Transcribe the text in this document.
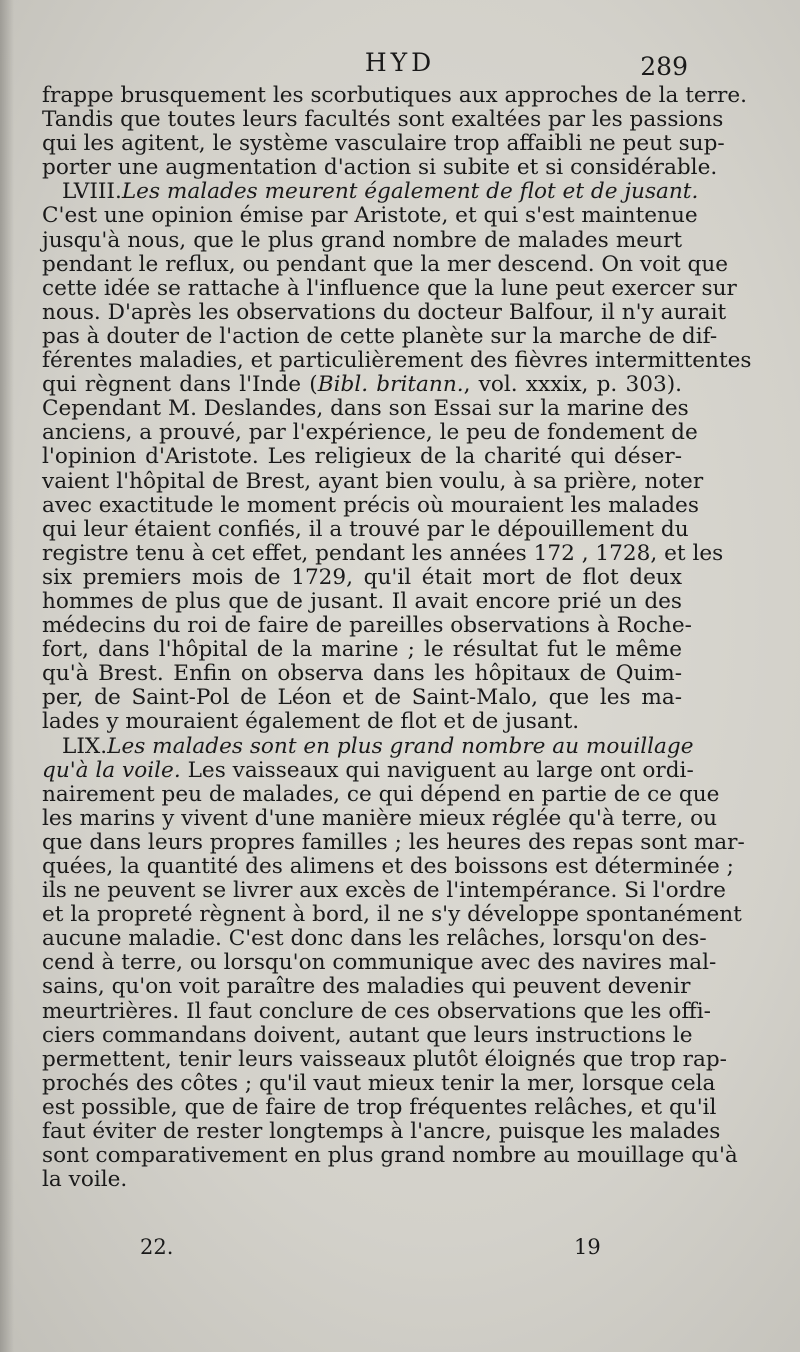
HYD	289
frappe brusquement les scorbutiques aux approches de la terre.
Tandis que toutes leurs facultés sont exaltées par les passions
qui les agitent, le système vasculaire trop affaibli ne peut sup-
porter une augmentation d'action si subite et si considérable.
LVIII.Les malades meurent également de flot et de jusant.
C'est une opinion émise par Aristote, et qui s'est maintenue
jusqu'à nous, que le plus grand nombre de malades meurt
pendant le reflux, ou pendant que la mer descend. On voit que
cette idée se rattache à l'influence que la lune peut exercer sur
nous. D'après les observations du docteur Balfour, il n'y aurait
pas à douter de l'action de cette planète sur la marche de dif-
férentes maladies, et particulièrement des fièvres intermittentes
qui règnent dans l'Inde (Bibl. britann., vol. xxxix, p. 303).
Cependant M. Deslandes, dans son Essai sur la marine des
anciens, a prouvé, par l'expérience, le peu de fondement de
l'opinion d'Aristote. Les religieux de la charité qui déser-
vaient l'hôpital de Brest, ayant bien voulu, à sa prière, noter
avec exactitude le moment précis où mouraient les malades
qui leur étaient confiés, il a trouvé par le dépouillement du
registre tenu à cet effet, pendant les années 172 , 1728, et les
six premiers mois de 1729, qu'il était mort de flot deux
hommes de plus que de jusant. Il avait encore prié un des
médecins du roi de faire de pareilles observations à Roche-
fort, dans l'hôpital de la marine ; le résultat fut le même
qu'à Brest. Enfin on observa dans les hôpitaux de Quim-
per, de Saint-Pol de Léon et de Saint-Malo, que les ma-
lades y mouraient également de flot et de jusant.
LIX.Les malades sont en plus grand nombre au mouillage
qu'à la voile. Les vaisseaux qui naviguent au large ont ordi-
nairement peu de malades, ce qui dépend en partie de ce que
les marins y vivent d'une manière mieux réglée qu'à terre, ou
que dans leurs propres familles ; les heures des repas sont mar-
quées, la quantité des alimens et des boissons est déterminée ;
ils ne peuvent se livrer aux excès de l'intempérance. Si l'ordre
et la propreté règnent à bord, il ne s'y développe spontanément
aucune maladie. C'est donc dans les relâches, lorsqu'on des-
cend à terre, ou lorsqu'on communique avec des navires mal-
sains, qu'on voit paraître des maladies qui peuvent devenir
meurtrières. Il faut conclure de ces observations que les offi-
ciers commandans doivent, autant que leurs instructions le
permettent, tenir leurs vaisseaux plutôt éloignés que trop rap-
prochés des côtes ; qu'il vaut mieux tenir la mer, lorsque cela
est possible, que de faire de trop fréquentes relâches, et qu'il
faut éviter de rester longtemps à l'ancre, puisque les malades
sont comparativement en plus grand nombre au mouillage qu'à
la voile.
22.	19
